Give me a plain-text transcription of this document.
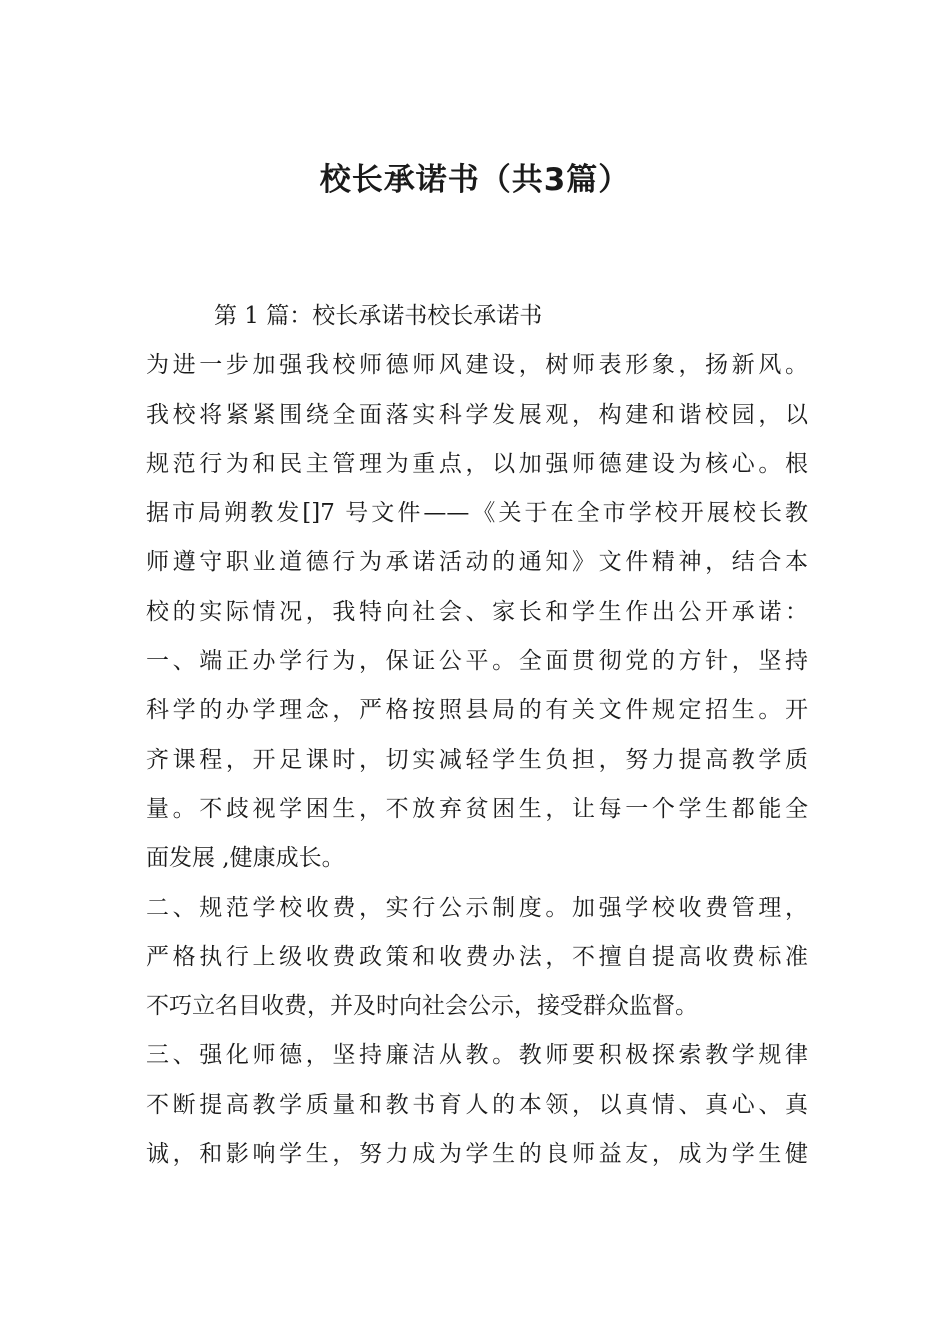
校长承诺书（共3篇）
第 1 篇：校长承诺书校长承诺书
为进一步加强我校师德师风建设，树师表形象，扬新风。
我校将紧紧围绕全面落实科学发展观，构建和谐校园，以
规范行为和民主管理为重点，以加强师德建设为核心。根
据市局朔教发[]7 号文件——《关于在全市学校开展校长教
师遵守职业道德行为承诺活动的通知》文件精神，结合本
校的实际情况，我特向社会、家长和学生作出公开承诺：
一、端正办学行为，保证公平。全面贯彻党的方针，坚持
科学的办学理念，严格按照县局的有关文件规定招生。开
齐课程，开足课时，切实减轻学生负担，努力提高教学质
量。不歧视学困生，不放弃贫困生，让每一个学生都能全
面发展 ,健康成长。
二、规范学校收费，实行公示制度。加强学校收费管理，
严格执行上级收费政策和收费办法，不擅自提高收费标准
不巧立名目收费，并及时向社会公示，接受群众监督。
三、强化师德，坚持廉洁从教。教师要积极探索教学规律
不断提高教学质量和教书育人的本领，以真情、真心、真
诚，和影响学生，努力成为学生的良师益友，成为学生健
